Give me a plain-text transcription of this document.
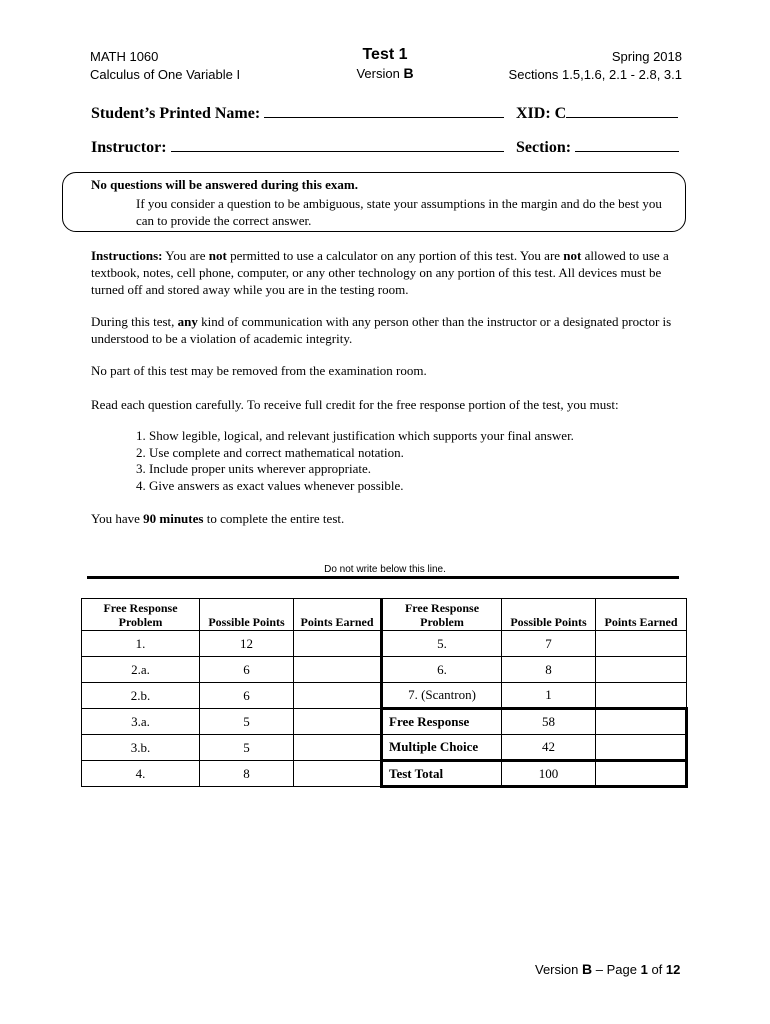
MATH 1060
Calculus of One Variable I
Test 1
Version B
Spring 2018
Sections 1.5,1.6, 2.1 - 2.8, 3.1
Student’s Printed Name:	XID: C
Instructor:	Section:
No questions will be answered during this exam.
If you consider a question to be ambiguous, state your assumptions in the margin and do the best you can to provide the correct answer.
Instructions: You are not permitted to use a calculator on any portion of this test. You are not allowed to use a textbook, notes, cell phone, computer, or any other technology on any portion of this test. All devices must be turned off and stored away while you are in the testing room.
During this test, any kind of communication with any person other than the instructor or a designated proctor is understood to be a violation of academic integrity.
No part of this test may be removed from the examination room.
Read each question carefully. To receive full credit for the free response portion of the test, you must:
1. Show legible, logical, and relevant justification which supports your final answer.
2. Use complete and correct mathematical notation.
3. Include proper units wherever appropriate.
4. Give answers as exact values whenever possible.
You have 90 minutes to complete the entire test.
Do not write below this line.
Free Response Problem	Possible Points	Points Earned	Free Response Problem	Possible Points	Points Earned
1.	12		5.	7	
2.a.	6		6.	8	
2.b.	6		7. (Scantron)	1	
3.a.	5		Free Response	58	
3.b.	5		Multiple Choice	42	
4.	8		Test Total	100	
Version B – Page 1 of 12
